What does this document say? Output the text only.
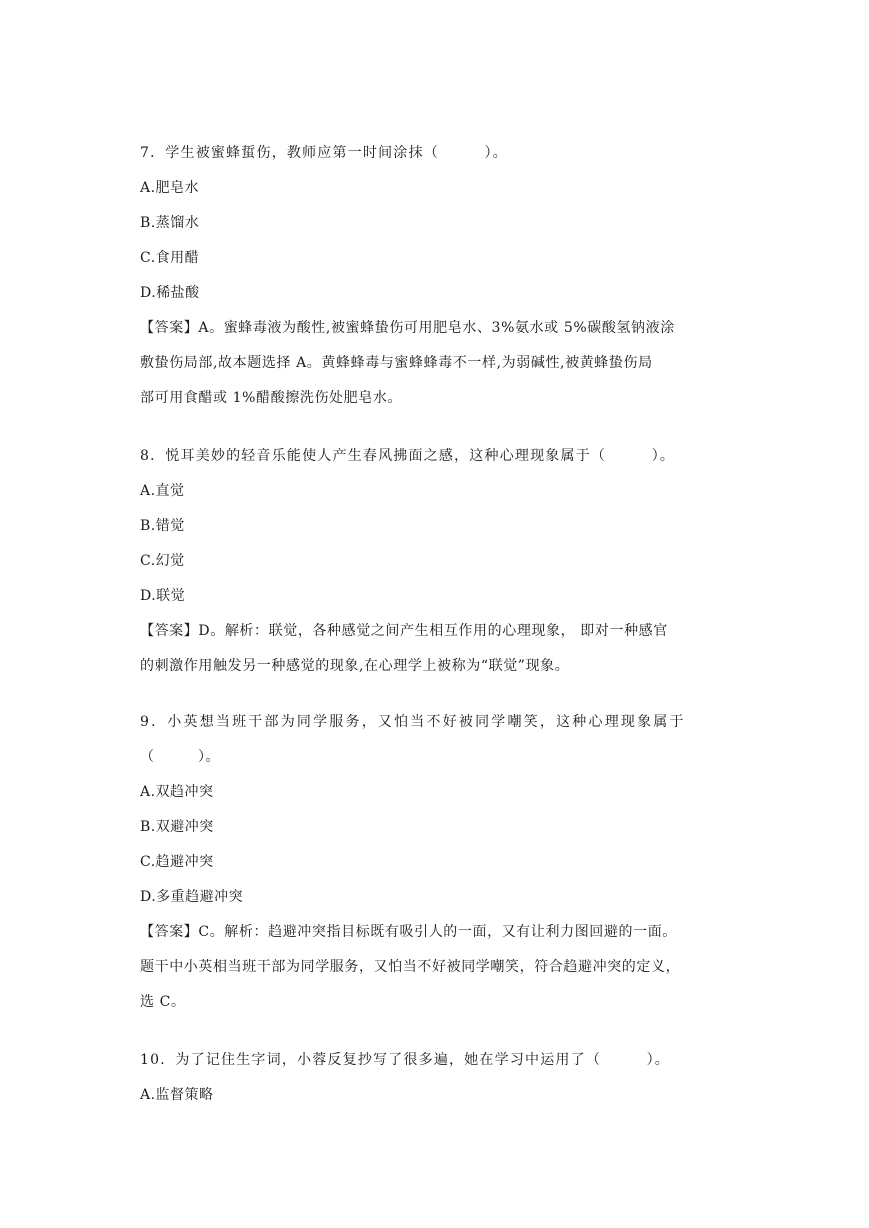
7．学生被蜜蜂蜇伤，教师应第一时间涂抹（　　　）。
A.肥皂水
B.蒸馏水
C.食用醋
D.稀盐酸
【答案】A。蜜蜂毒液为酸性,被蜜蜂蛰伤可用肥皂水、3%氨水或 5%碳酸氢钠液涂
敷蛰伤局部,故本题选择 A。黄蜂蜂毒与蜜蜂蜂毒不一样,为弱碱性,被黄蜂蛰伤局
部可用食醋或 1%醋酸擦洗伤处肥皂水。
8．悦耳美妙的轻音乐能使人产生春风拂面之感，这种心理现象属于（　　　）。
A.直觉
B.错觉
C.幻觉
D.联觉
【答案】D。解析：联觉，各种感觉之间产生相互作用的心理现象， 即对一种感官
的刺激作用触发另一种感觉的现象,在心理学上被称为“联觉”现象。
9．小英想当班干部为同学服务，又怕当不好被同学嘲笑，这种心理现象属于
（　　　）。
A.双趋冲突
B.双避冲突
C.趋避冲突
D.多重趋避冲突
【答案】C。解析：趋避冲突指目标既有吸引人的一面，又有让利力图回避的一面。
题干中小英相当班干部为同学服务，又怕当不好被同学嘲笑，符合趋避冲突的定义，
选 C。
10．为了记住生字词，小蓉反复抄写了很多遍，她在学习中运用了（　　　）。
A.监督策略
